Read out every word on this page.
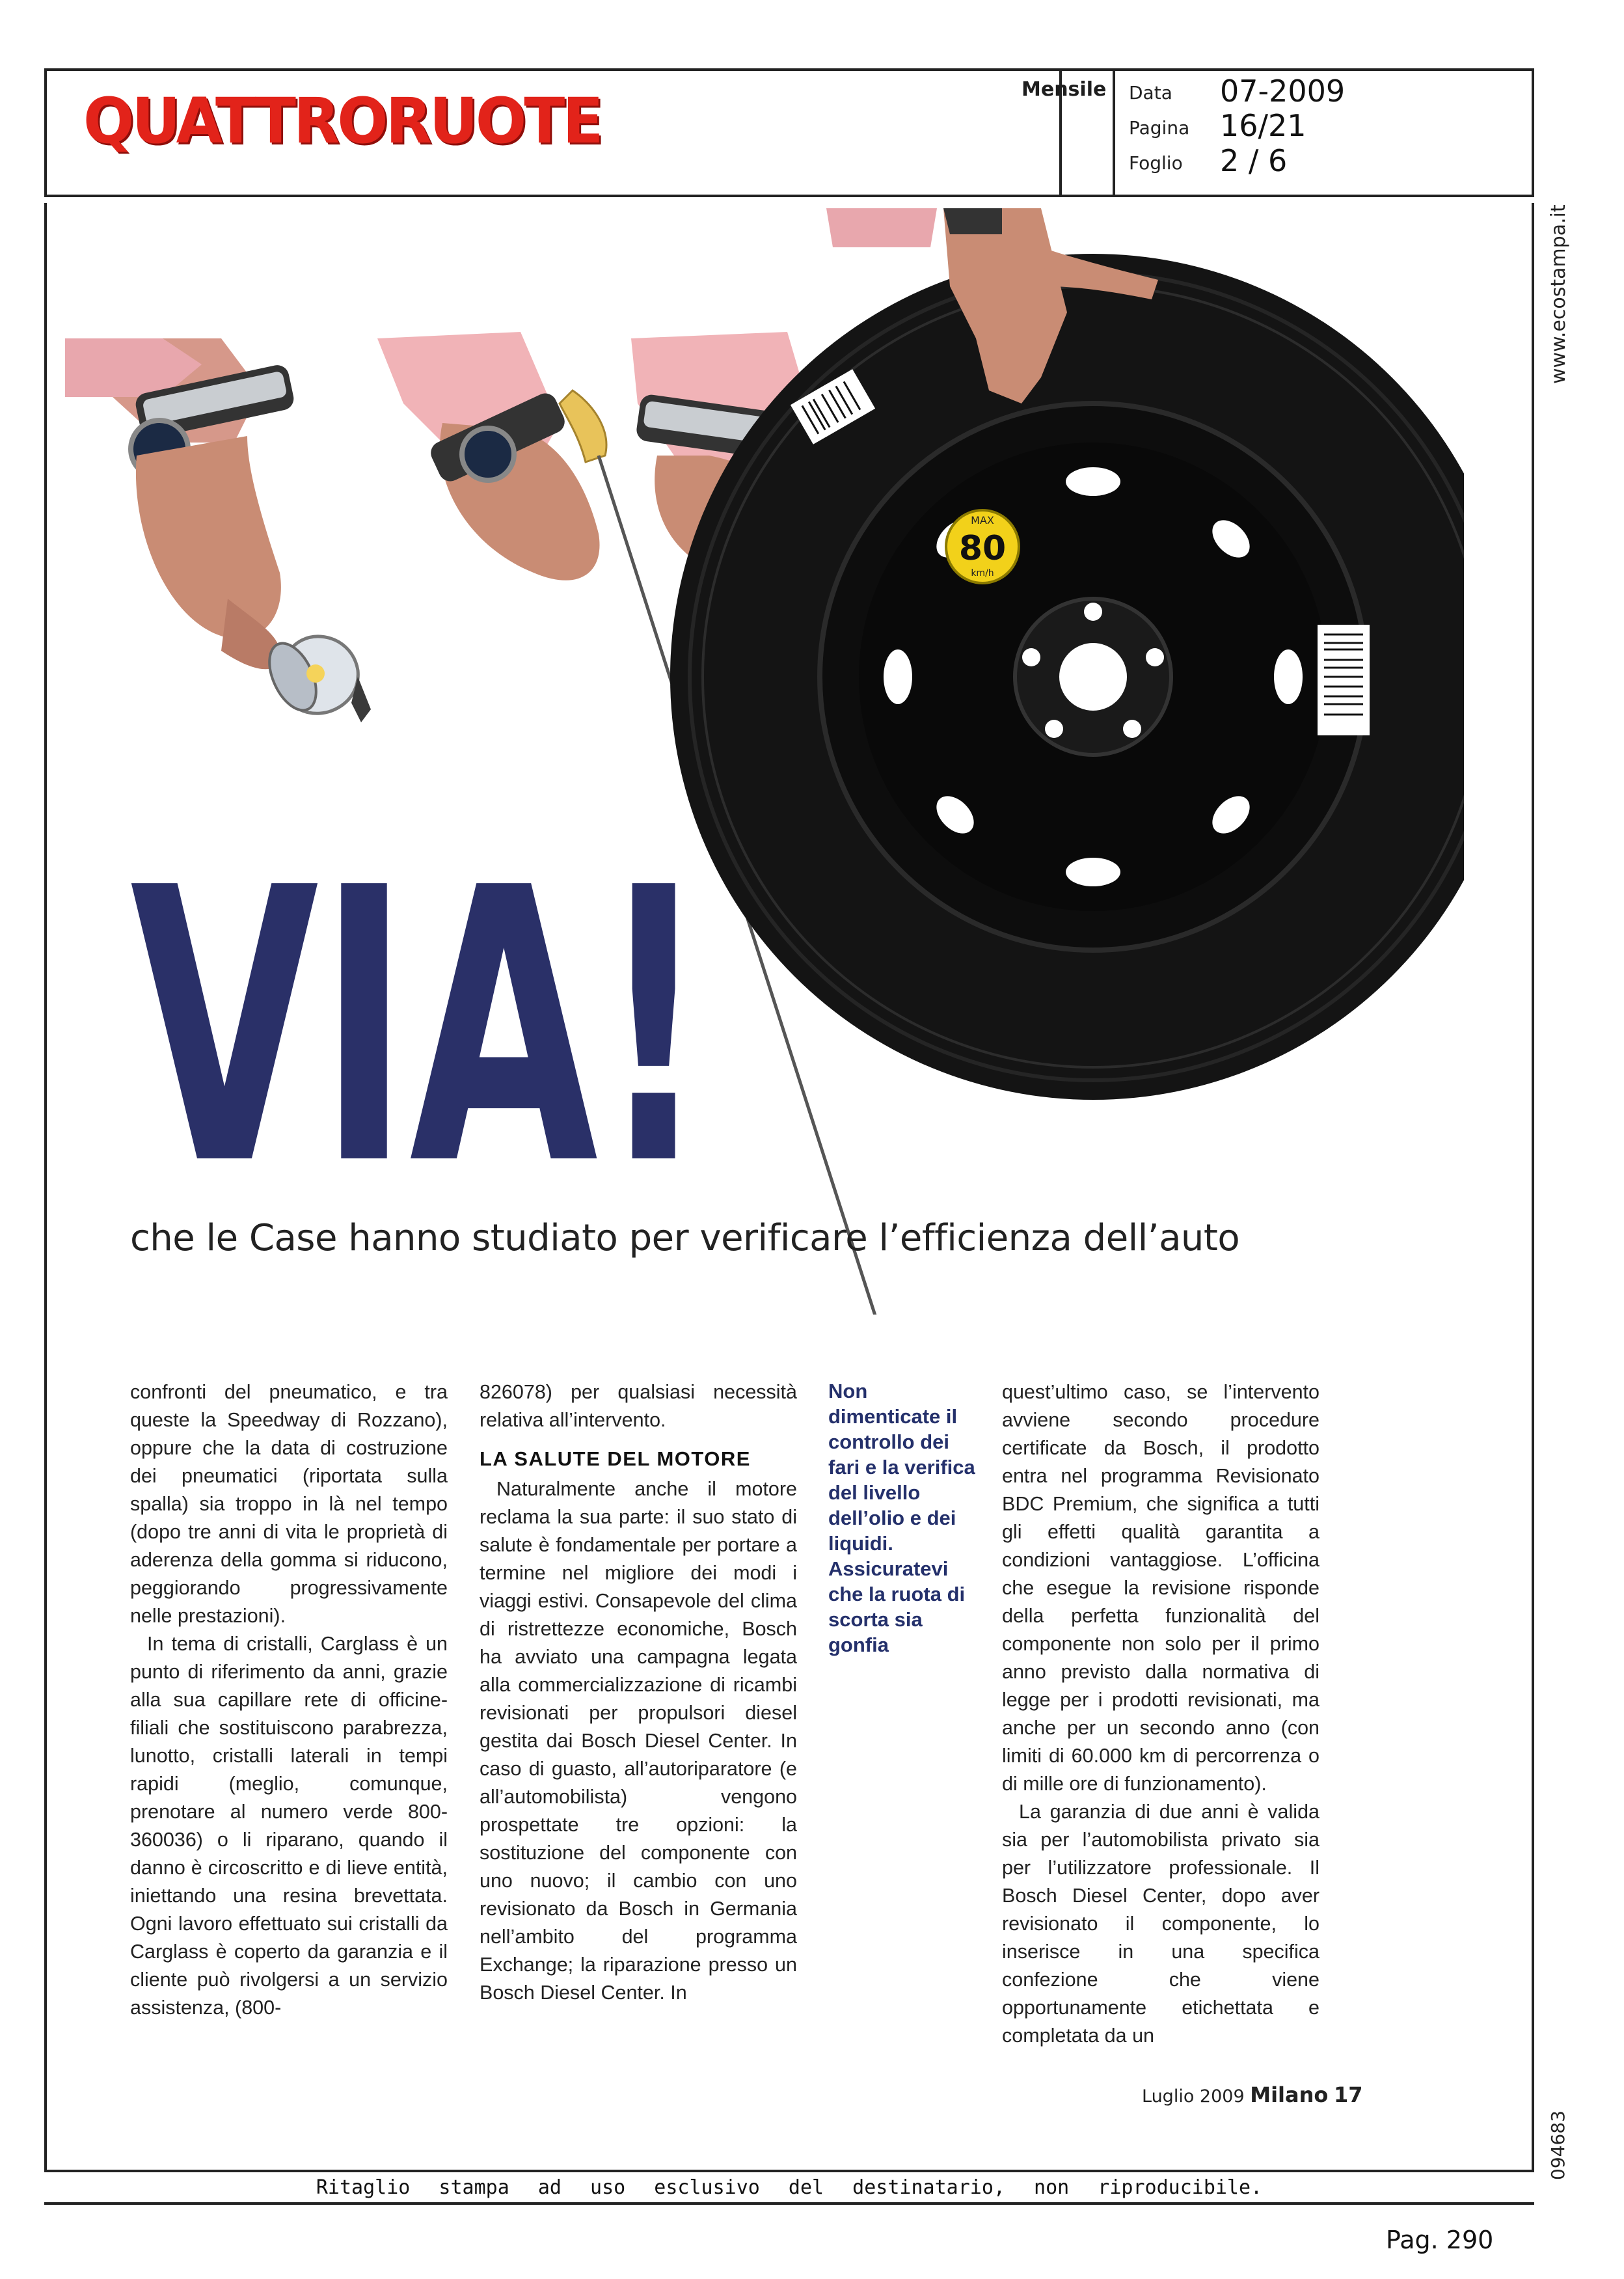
QUATTRORUOTE	Mensile Data 07-2009
Pagina 16/21
Foglio 2 / 6
www.ecostampa.it
094683
MAX
80
km/h
VIA!
che le Case hanno studiato per verificare l’efficienza dell’auto

confronti del pneumatico, e tra queste la Speedway di Rozzano), oppure che la data di costruzione dei pneumatici (riportata sulla spalla) sia troppo in là nel tempo (dopo tre anni di vita le proprietà di aderenza della gomma si riducono, peggiorando progressivamente nelle prestazioni).

In tema di cristalli, Carglass è un punto di riferimento da anni, grazie alla sua capillare rete di officine-filiali che sostituiscono parabrezza, lunotto, cristalli laterali in tempi rapidi (meglio, comunque, prenotare al numero verde 800-360036) o li riparano, quando il danno è circoscritto e di lieve entità, iniettando una resina brevettata. Ogni lavoro effettuato sui cristalli da Carglass è coperto da garanzia e il cliente può rivolgersi a un servizio assistenza, (800-

826078) per qualsiasi necessità relativa all’intervento.

LA SALUTE DEL MOTORE

Naturalmente anche il motore reclama la sua parte: il suo stato di salute è fondamentale per portare a termine nel migliore dei modi i viaggi estivi. Consapevole del clima di ristrettezze economiche, Bosch ha avviato una campagna legata alla commercializzazione di ricambi revisionati per propulsori diesel gestita dai Bosch Diesel Center. In caso di guasto, all’autoriparatore (e all’automobilista) vengono prospettate tre opzioni: la sostituzione del componente con uno nuovo; il cambio con uno revisionato da Bosch in Germania nell’ambito del programma Exchange; la riparazione presso un Bosch Diesel Center. In

Non dimenticate il controllo dei fari e la verifica del livello dell’olio e dei liquidi. Assicuratevi che la ruota di scorta sia gonfia

quest’ultimo caso, se l’intervento avviene secondo procedure certificate da Bosch, il prodotto entra nel programma Revisionato BDC Premium, che significa a tutti gli effetti qualità garantita a condizioni vantaggiose. L’officina che esegue la revisione risponde della perfetta funzionalità del componente non solo per il primo anno previsto dalla normativa di legge per i prodotti revisionati, ma anche per un secondo anno (con limiti di 60.000 km di percorrenza o di mille ore di funzionamento).

La garanzia di due anni è valida sia per l’automobilista privato sia per l’utilizzatore professionale. Il Bosch Diesel Center, dopo aver revisionato il componente, lo inserisce in una specifica confezione che viene opportunamente etichettata e completata da un

Luglio 2009 Milano 17
Ritaglio stampa ad uso esclusivo del destinatario, non riproducibile.
Pag. 290
